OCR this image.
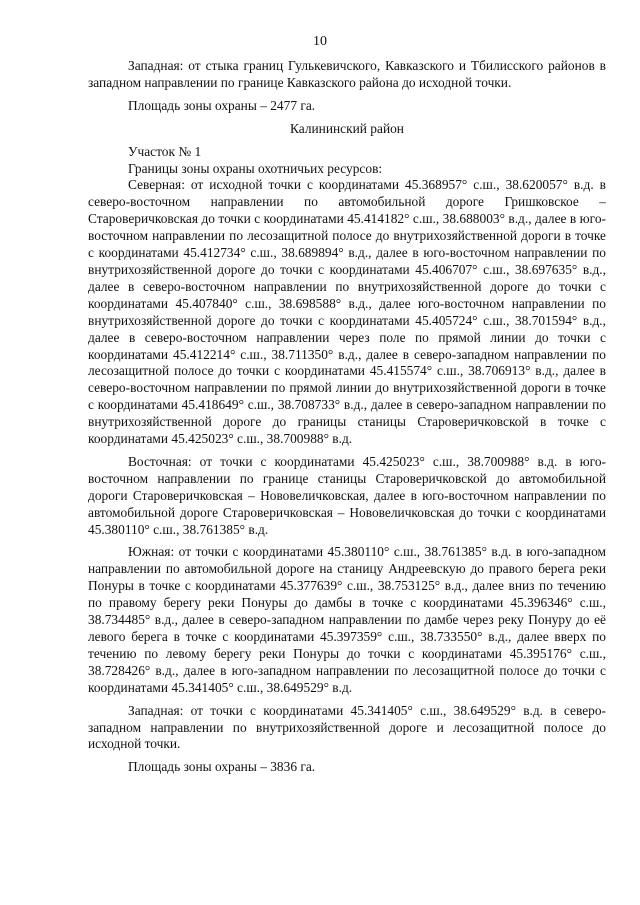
10

Западная: от стыка границ Гулькевичского, Кавказского и Тбилисского районов в западном направлении по границе Кавказского района до исходной точки.

Площадь зоны охраны – 2477 га.

Калининский район

Участок № 1

Границы зоны охраны охотничьих ресурсов:

Северная: от исходной точки с координатами 45.368957° с.ш., 38.620057° в.д. в северо-восточном направлении по автомобильной дороге Гришковское – Староверичковская до точки с координатами 45.414182° с.ш., 38.688003° в.д., далее в юго-восточном направлении по лесозащитной полосе до внутрихозяйственной дороги в точке с координатами 45.412734° с.ш., 38.689894° в.д., далее в юго-восточном направлении по внутрихозяйственной дороге до точки с координатами 45.406707° с.ш., 38.697635° в.д., далее в северо-восточном направлении по внутрихозяйственной дороге до точки с координатами 45.407840° с.ш., 38.698588° в.д., далее юго-восточном направлении по внутрихозяйственной дороге до точки с координатами 45.405724° с.ш., 38.701594° в.д., далее в северо-восточном направлении через поле по прямой линии до точки с координатами 45.412214° с.ш., 38.711350° в.д., далее в северо-западном направлении по лесозащитной полосе до точки с координатами 45.415574° с.ш., 38.706913° в.д., далее в северо-восточном направлении по прямой линии до внутрихозяйственной дороги в точке с координатами 45.418649° с.ш., 38.708733° в.д., далее в северо-западном направлении по внутрихозяйственной дороге до границы станицы Староверичковской в точке с координатами 45.425023° с.ш., 38.700988° в.д.

Восточная: от точки с координатами 45.425023° с.ш., 38.700988° в.д. в юго-восточном направлении по границе станицы Староверичковской до автомобильной дороги Староверичковская – Нововеличковская, далее в юго-восточном направлении по автомобильной дороге Староверичковская – Нововеличковская до точки с координатами 45.380110° с.ш., 38.761385° в.д.

Южная: от точки с координатами 45.380110° с.ш., 38.761385° в.д. в юго-западном направлении по автомобильной дороге на станицу Андреевскую до правого берега реки Понуры в точке с координатами 45.377639° с.ш., 38.753125° в.д., далее вниз по течению по правому берегу реки Понуры до дамбы в точке с координатами 45.396346° с.ш., 38.734485° в.д., далее в северо-западном направлении по дамбе через реку Понуру до её левого берега в точке с координатами 45.397359° с.ш., 38.733550° в.д., далее вверх по течению по левому берегу реки Понуры до точки с координатами 45.395176° с.ш., 38.728426° в.д., далее в юго-западном направлении по лесозащитной полосе до точки с координатами 45.341405° с.ш., 38.649529° в.д.

Западная: от точки с координатами 45.341405° с.ш., 38.649529° в.д. в северо-западном направлении по внутрихозяйственной дороге и лесозащитной полосе до исходной точки.

Площадь зоны охраны – 3836 га.
